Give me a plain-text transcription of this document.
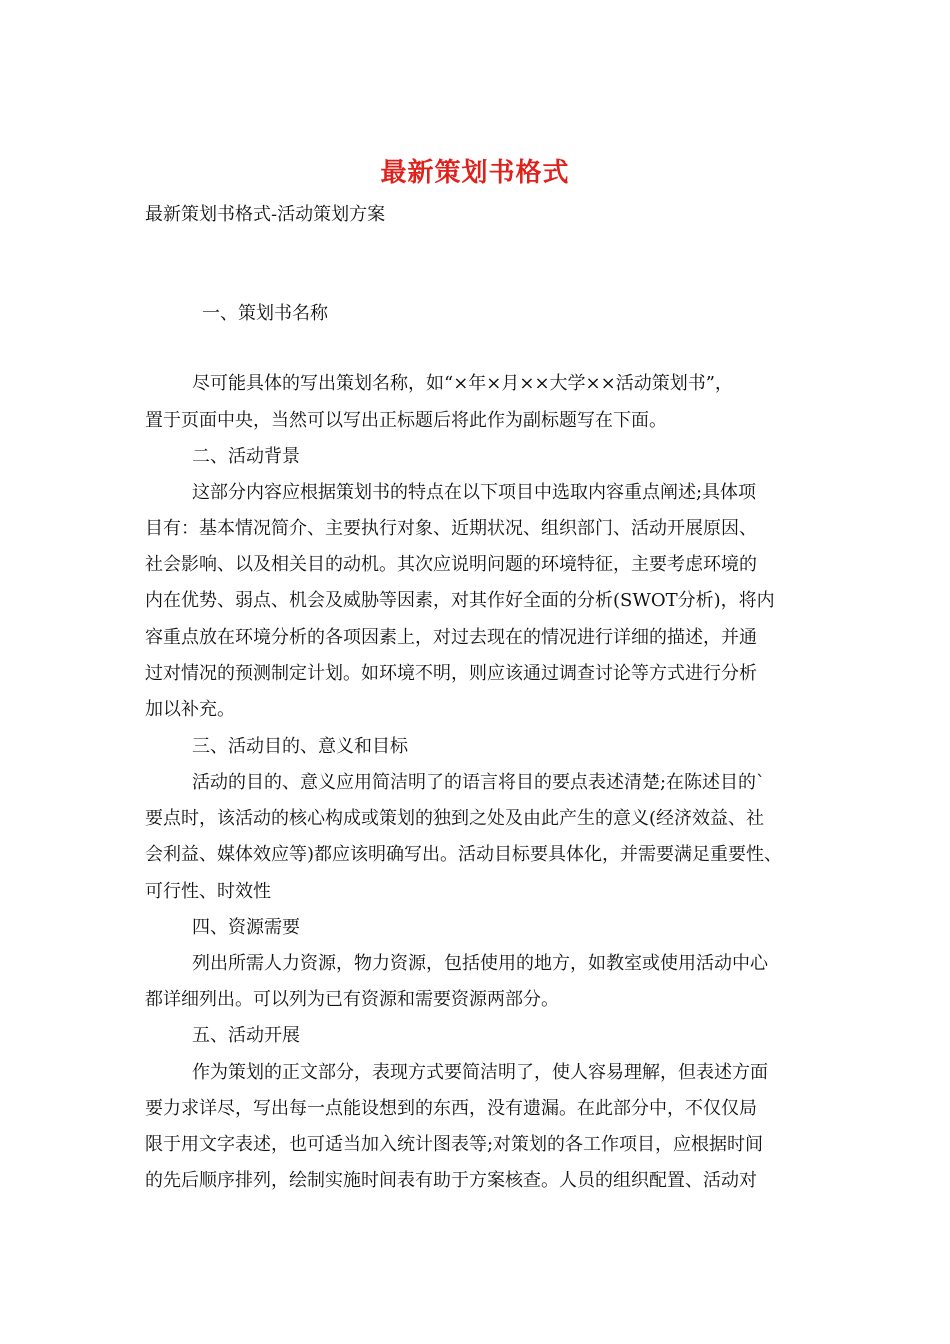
最新策划书格式
最新策划书格式-活动策划方案
一、策划书名称
尽可能具体的写出策划名称，如“×年×月××大学××活动策划书”，
置于页面中央，当然可以写出正标题后将此作为副标题写在下面。
二、活动背景
这部分内容应根据策划书的特点在以下项目中选取内容重点阐述;具体项
目有：基本情况简介、主要执行对象、近期状况、组织部门、活动开展原因、
社会影响、以及相关目的动机。其次应说明问题的环境特征，主要考虑环境的
内在优势、弱点、机会及威胁等因素，对其作好全面的分析(SWOT分析)，将内
容重点放在环境分析的各项因素上，对过去现在的情况进行详细的描述，并通
过对情况的预测制定计划。如环境不明，则应该通过调查讨论等方式进行分析
加以补充。
三、活动目的、意义和目标
活动的目的、意义应用简洁明了的语言将目的要点表述清楚;在陈述目的`
要点时，该活动的核心构成或策划的独到之处及由此产生的意义(经济效益、社
会利益、媒体效应等)都应该明确写出。活动目标要具体化，并需要满足重要性、
可行性、时效性
四、资源需要
列出所需人力资源，物力资源，包括使用的地方，如教室或使用活动中心
都详细列出。可以列为已有资源和需要资源两部分。
五、活动开展
作为策划的正文部分，表现方式要简洁明了，使人容易理解，但表述方面
要力求详尽，写出每一点能设想到的东西，没有遗漏。在此部分中，不仅仅局
限于用文字表述，也可适当加入统计图表等;对策划的各工作项目，应根据时间
的先后顺序排列，绘制实施时间表有助于方案核查。人员的组织配置、活动对
